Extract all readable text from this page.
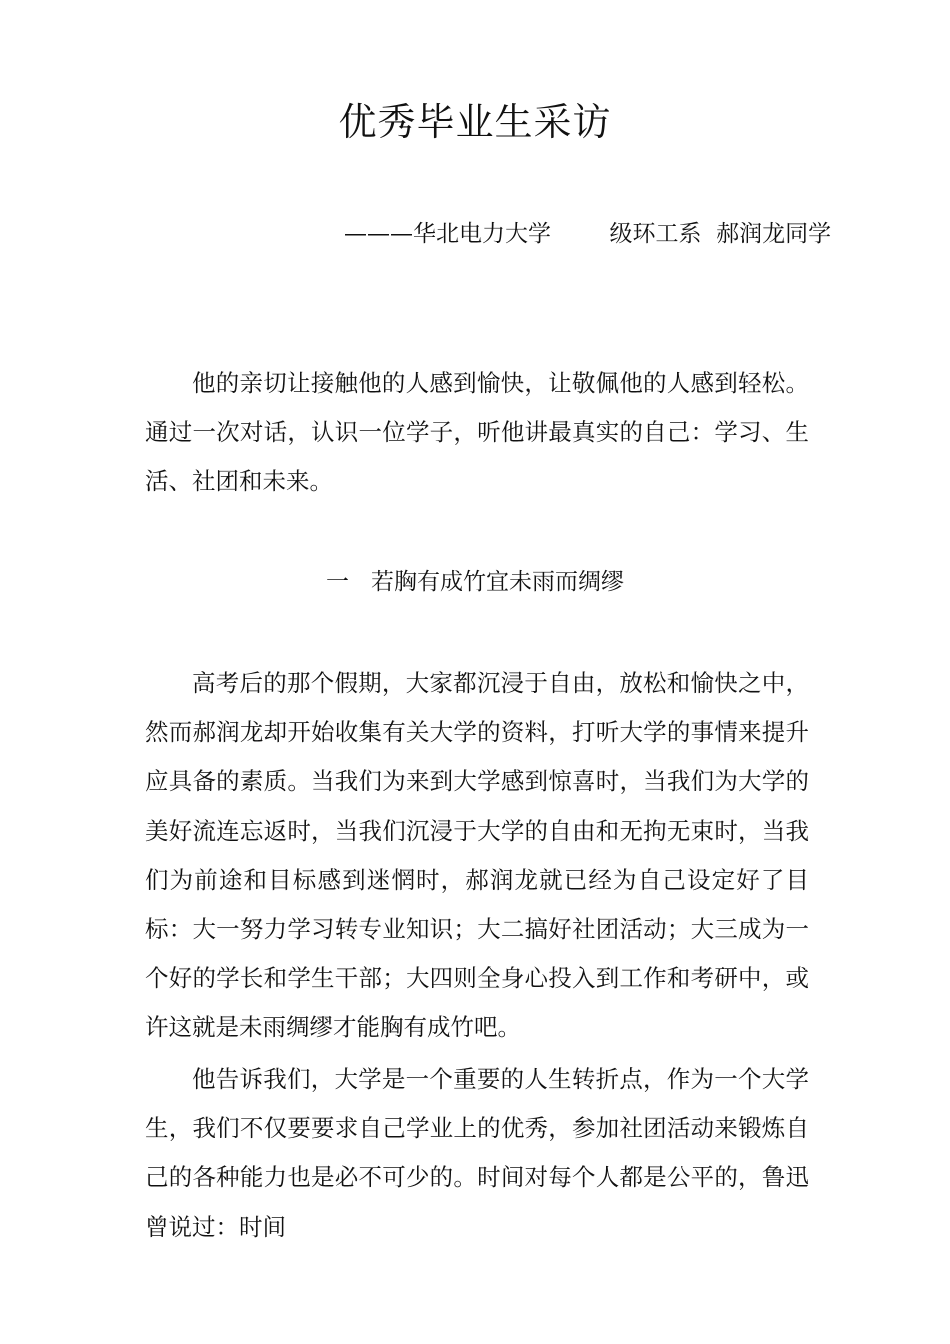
优秀毕业生采访
———华北电力大学        级环工系  郝润龙同学

他的亲切让接触他的人感到愉快，让敬佩他的人感到轻松。通过一次对话，认识一位学子，听他讲最真实的自己：学习、生活、社团和未来。

一   若胸有成竹宜未雨而绸缪

高考后的那个假期，大家都沉浸于自由，放松和愉快之中，然而郝润龙却开始收集有关大学的资料，打听大学的事情来提升应具备的素质。当我们为来到大学感到惊喜时，当我们为大学的美好流连忘返时，当我们沉浸于大学的自由和无拘无束时，当我们为前途和目标感到迷惘时，郝润龙就已经为自己设定好了目标：大一努力学习转专业知识；大二搞好社团活动；大三成为一个好的学长和学生干部；大四则全身心投入到工作和考研中，或许这就是未雨绸缪才能胸有成竹吧。

他告诉我们，大学是一个重要的人生转折点，作为一个大学生，我们不仅要要求自己学业上的优秀，参加社团活动来锻炼自己的各种能力也是必不可少的。时间对每个人都是公平的，鲁迅曾说过：时间
